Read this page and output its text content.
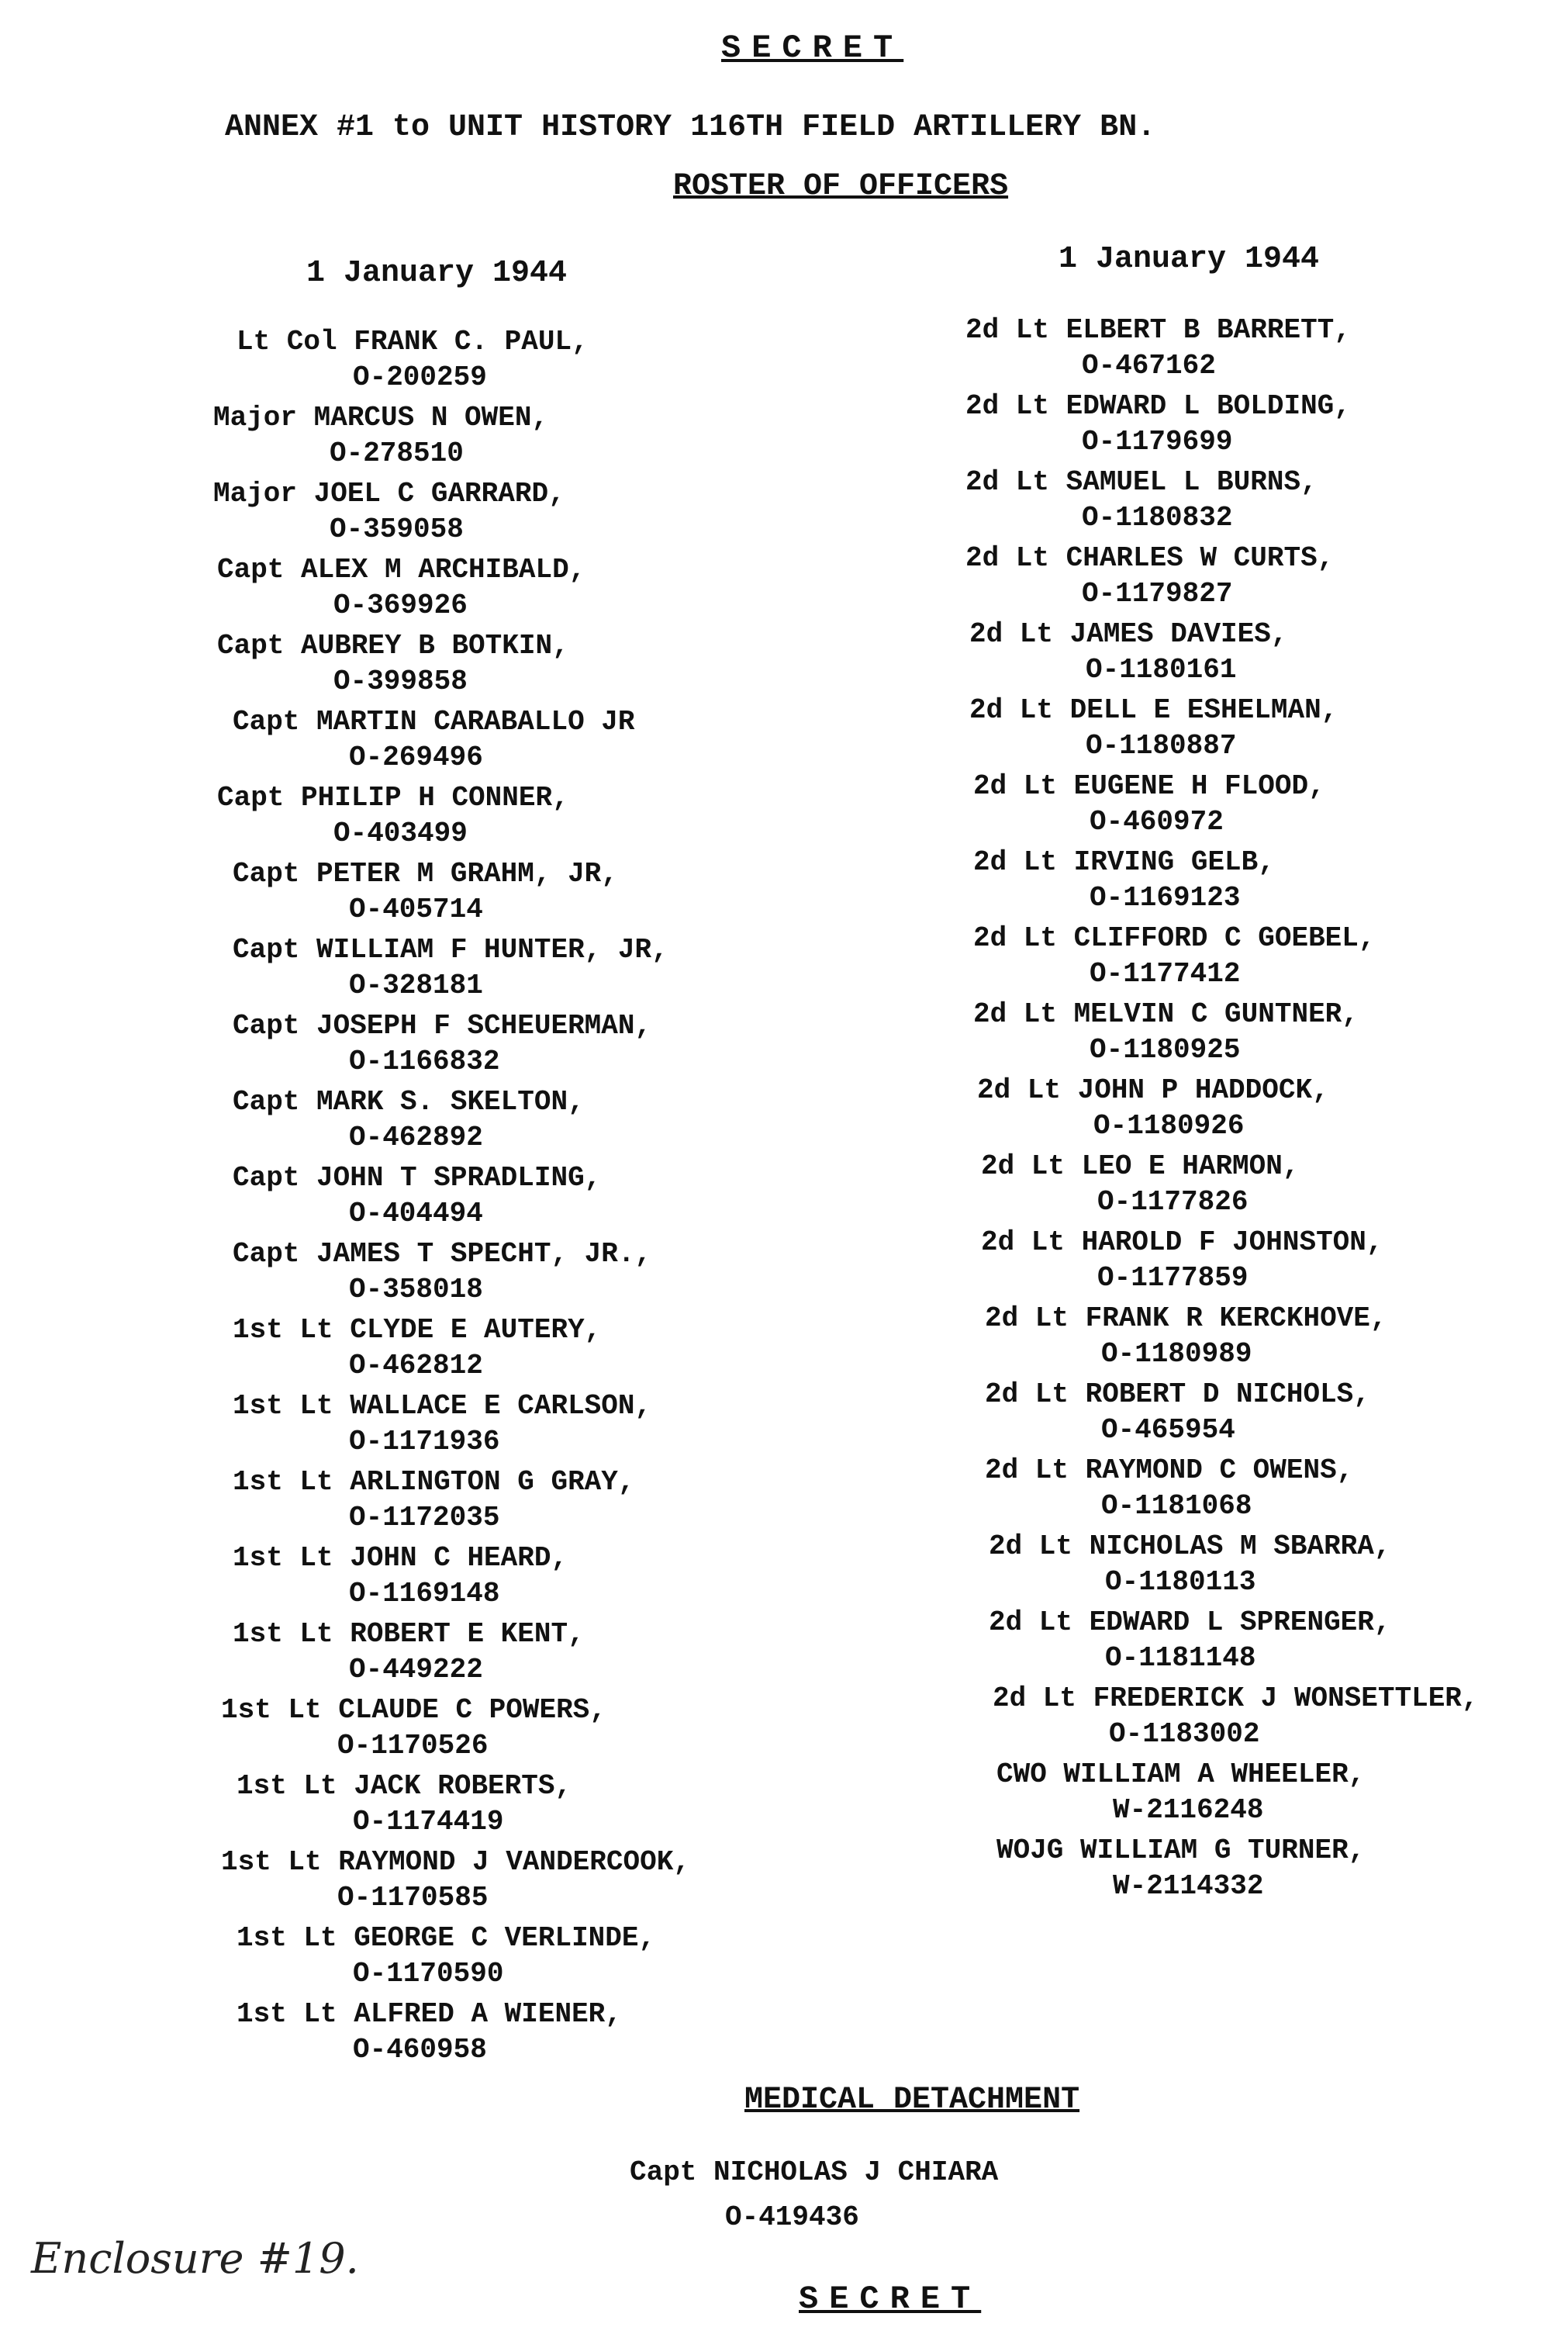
SECRET
ANNEX #1 to UNIT HISTORY 116TH FIELD ARTILLERY BN.
ROSTER OF OFFICERS
1 January 1944	1 January 1944
Lt Col FRANK C. PAUL,
O-200259
Major MARCUS N OWEN,
O-278510
Major JOEL C GARRARD,
O-359058
Capt ALEX M ARCHIBALD,
O-369926
Capt AUBREY B BOTKIN,
O-399858
Capt MARTIN CARABALLO JR
O-269496
Capt PHILIP H CONNER,
O-403499
Capt PETER M GRAHM, JR,
O-405714
Capt WILLIAM F HUNTER, JR,
O-328181
Capt JOSEPH F SCHEUERMAN,
O-1166832
Capt MARK S. SKELTON,
O-462892
Capt JOHN T SPRADLING,
O-404494
Capt JAMES T SPECHT, JR.,
O-358018
1st Lt CLYDE E AUTERY,
O-462812
1st Lt WALLACE E CARLSON,
O-1171936
1st Lt ARLINGTON G GRAY,
O-1172035
1st Lt JOHN C HEARD,
O-1169148
1st Lt ROBERT E KENT,
O-449222
1st Lt CLAUDE C POWERS,
O-1170526
1st Lt JACK ROBERTS,
O-1174419
1st Lt RAYMOND J VANDERCOOK,
O-1170585
1st Lt GEORGE C VERLINDE,
O-1170590
1st Lt ALFRED A WIENER,
O-460958
2d Lt ELBERT B BARRETT,
O-467162
2d Lt EDWARD L BOLDING,
O-1179699
2d Lt SAMUEL L BURNS,
O-1180832
2d Lt CHARLES W CURTS,
O-1179827
2d Lt JAMES DAVIES,
O-1180161
2d Lt DELL E ESHELMAN,
O-1180887
2d Lt EUGENE H FLOOD,
O-460972
2d Lt IRVING GELB,
O-1169123
2d Lt CLIFFORD C GOEBEL,
O-1177412
2d Lt MELVIN C GUNTNER,
O-1180925
2d Lt JOHN P HADDOCK,
O-1180926
2d Lt LEO E HARMON,
O-1177826
2d Lt HAROLD F JOHNSTON,
O-1177859
2d Lt FRANK R KERCKHOVE,
O-1180989
2d Lt ROBERT D NICHOLS,
O-465954
2d Lt RAYMOND C OWENS,
O-1181068
2d Lt NICHOLAS M SBARRA,
O-1180113
2d Lt EDWARD L SPRENGER,
O-1181148
2d Lt FREDERICK J WONSETTLER,
O-1183002
CWO WILLIAM A WHEELER,
W-2116248
WOJG WILLIAM G TURNER,
W-2114332
MEDICAL DETACHMENT
Capt NICHOLAS J CHIARA
O-419436
Enclosure #19.
SECRET
